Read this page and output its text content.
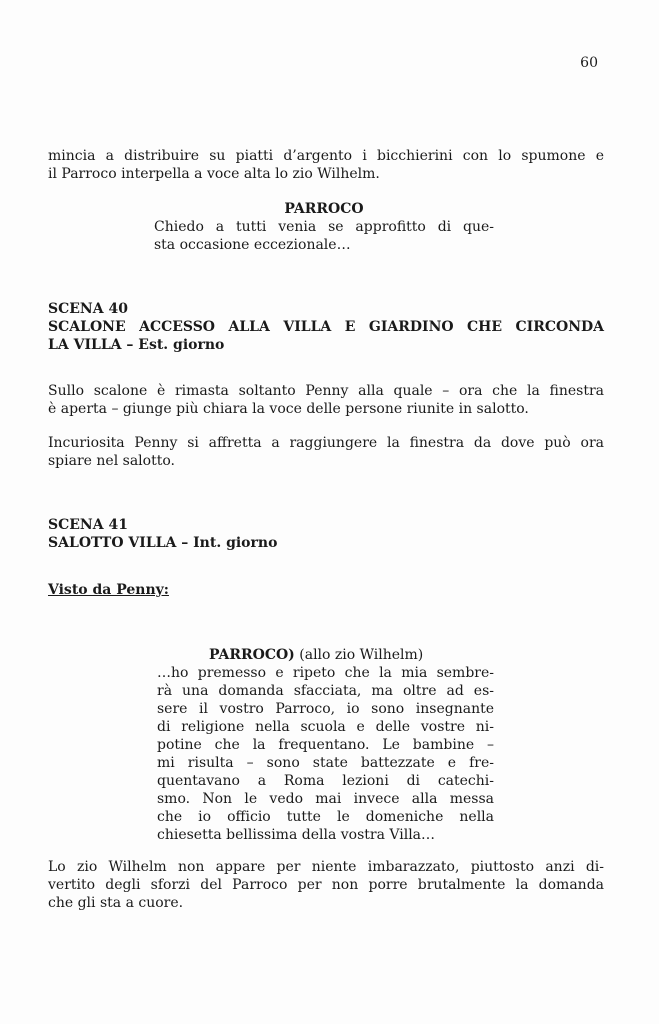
60
mincia a distribuire su piatti d’argento i bicchierini con lo spumone e
il Parroco interpella a voce alta lo zio Wilhelm.
PARROCO
Chiedo a tutti venia se approfitto di que-
sta occasione eccezionale…
SCENA 40
SCALONE ACCESSO ALLA VILLA E GIARDINO CHE CIRCONDA
LA VILLA – Est. giorno
Sullo scalone è rimasta soltanto Penny alla quale – ora che la finestra
è aperta – giunge più chiara la voce delle persone riunite in salotto.
Incuriosita Penny si affretta a raggiungere la finestra da dove può ora
spiare nel salotto.
SCENA 41
SALOTTO VILLA – Int. giorno
Visto da Penny:
PARROCO) (allo zio Wilhelm)
…ho premesso e ripeto che la mia sembre-
rà una domanda sfacciata, ma oltre ad es-
sere il vostro Parroco, io sono insegnante
di religione nella scuola e delle vostre ni-
potine che la frequentano. Le bambine –
mi risulta – sono state battezzate e fre-
quentavano a Roma lezioni di catechi-
smo. Non le vedo mai invece alla messa
che io officio tutte le domeniche nella
chiesetta bellissima della vostra Villa…
Lo zio Wilhelm non appare per niente imbarazzato, piuttosto anzi di-
vertito degli sforzi del Parroco per non porre brutalmente la domanda
che gli sta a cuore.
